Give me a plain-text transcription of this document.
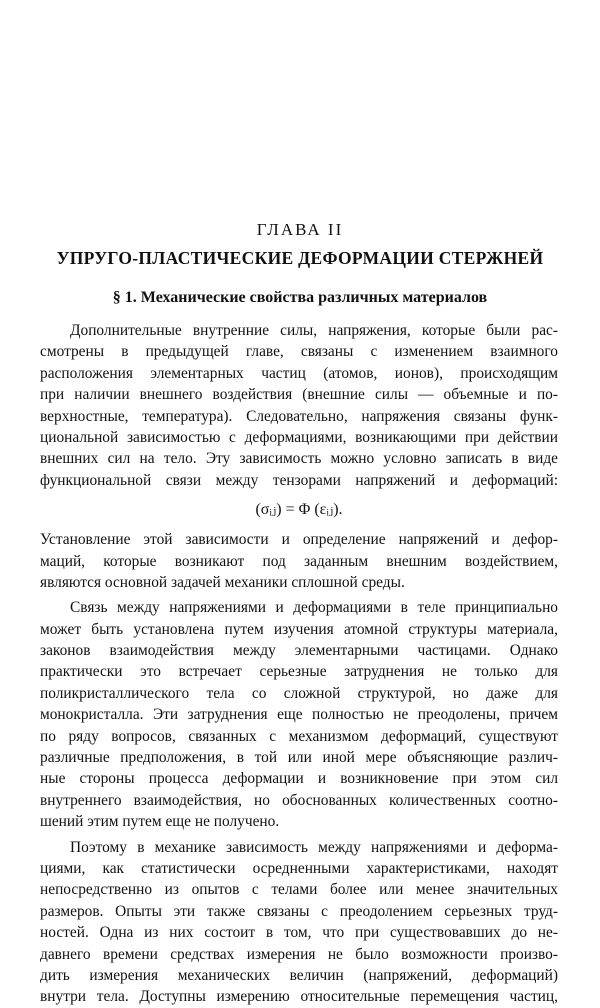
ГЛАВА II
УПРУГО-ПЛАСТИЧЕСКИЕ ДЕФОРМАЦИИ СТЕРЖНЕЙ
§ 1. Механические свойства различных материалов
Дополнительные внутренние силы, напряжения, которые были рас-
смотрены в предыдущей главе, связаны с изменением взаимного
расположения элементарных частиц (атомов, ионов), происходящим
при наличии внешнего воздействия (внешние силы — объемные и по-
верхностные, температура). Следовательно, напряжения связаны функ-
циональной зависимостью с деформациями, возникающими при действии
внешних сил на тело. Эту зависимость можно условно записать в виде
функциональной связи между тензорами напряжений и деформаций:
(σᵢⱼ) = Φ (εᵢⱼ).
Установление этой зависимости и определение напряжений и дефор-
маций, которые возникают под заданным внешним воздействием,
являются основной задачей механики сплошной среды.
Связь между напряжениями и деформациями в теле принципиально
может быть установлена путем изучения атомной структуры материала,
законов взаимодействия между элементарными частицами. Однако
практически это встречает серьезные затруднения не только для
поликристаллического тела со сложной структурой, но даже для
монокристалла. Эти затруднения еще полностью не преодолены, причем
по ряду вопросов, связанных с механизмом деформаций, существуют
различные предположения, в той или иной мере объясняющие различ-
ные стороны процесса деформации и возникновение при этом сил
внутреннего взаимодействия, но обоснованных количественных соотно-
шений этим путем еще не получено.
Поэтому в механике зависимость между напряжениями и деформа-
циями, как статистически осредненными характеристиками, находят
непосредственно из опытов с телами более или менее значительных
размеров. Опыты эти также связаны с преодолением серьезных труд-
ностей. Одна из них состоит в том, что при существовавших до не-
давнего времени средствах измерения не было возможности произво-
дить измерения механических величин (напряжений, деформаций)
внутри тела. Доступны измерению относительные перемещения частиц,
